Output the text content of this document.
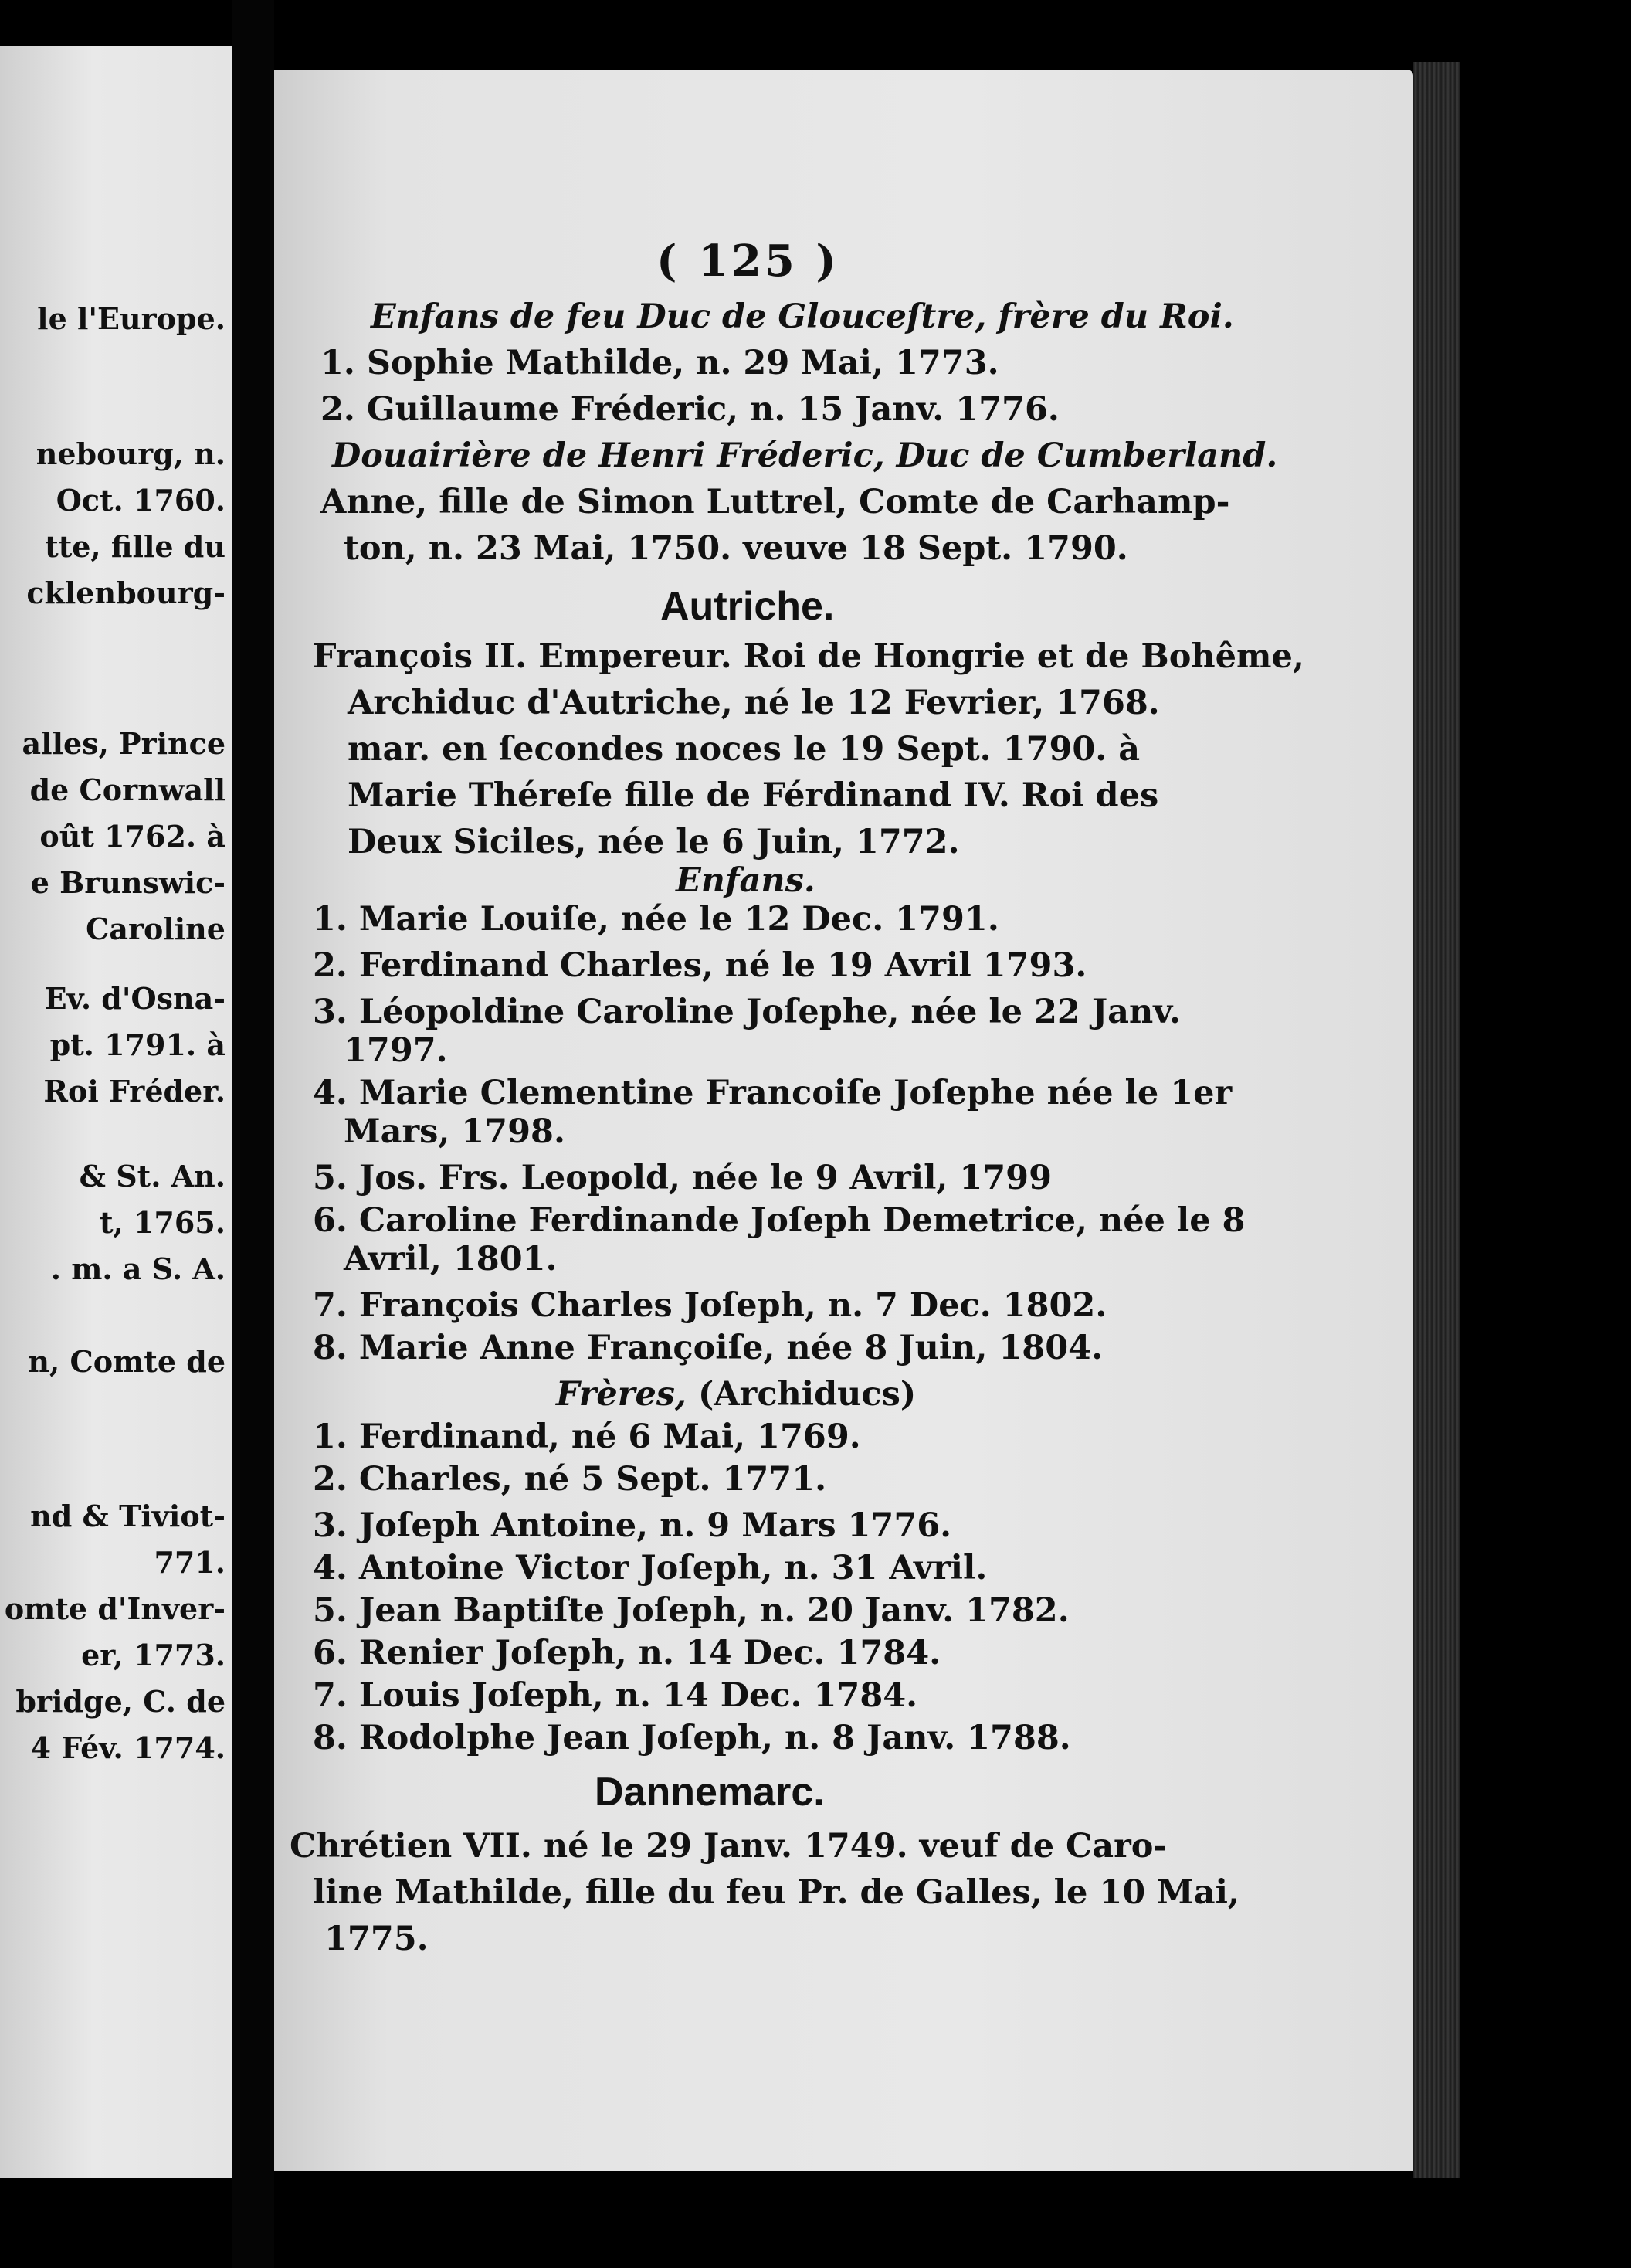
le l'Europe.
nebourg, n.
Oct. 1760.
tte, fille du
cklenbourg-
alles, Prince
de Cornwall
oût 1762. à
e Brunswic-
Caroline
Ev. d'Osna-
pt. 1791. à
Roi Fréder.
& St. An.
t, 1765.
. m. a S. A.
n, Comte de
nd & Tiviot-
771.
omte d'Inver-
er, 1773.
bridge, C. de
4 Fév. 1774.
( 125 )
Enfans de feu Duc de Glouceſtre, frère du Roi.
1. Sophie Mathilde, n. 29 Mai, 1773.
2. Guillaume Fréderic, n. 15 Janv. 1776.
Douairière de Henri Fréderic, Duc de Cumberland.
Anne, fille de Simon Luttrel, Comte de Carhamp-
ton, n. 23 Mai, 1750. veuve 18 Sept. 1790.
Autriche.
François II. Empereur. Roi de Hongrie et de Bohême,
Archiduc d'Autriche, né le 12 Fevrier, 1768.
mar. en ſecondes noces le 19 Sept. 1790. à
Marie Théreſe fille de Férdinand IV. Roi des
Deux Siciles, née le 6 Juin, 1772.
Enfans.
1. Marie Louiſe, née le 12 Dec. 1791.
2. Ferdinand Charles, né le 19 Avril 1793.
3. Léopoldine Caroline Joſephe, née le 22 Janv.
1797.
4. Marie Clementine Francoiſe Joſephe née le 1er
Mars, 1798.
5. Jos. Frs. Leopold, née le 9 Avril, 1799
6. Caroline Ferdinande Joſeph Demetrice, née le 8
Avril, 1801.
7. François Charles Joſeph, n. 7 Dec. 1802.
8. Marie Anne Françoiſe, née 8 Juin, 1804.
Frères, (Archiducs)
1. Ferdinand, né 6 Mai, 1769.
2. Charles, né 5 Sept. 1771.
3. Joſeph Antoine, n. 9 Mars 1776.
4. Antoine Victor Joſeph, n. 31 Avril.
5. Jean Baptiſte Joſeph, n. 20 Janv. 1782.
6. Renier Joſeph, n. 14 Dec. 1784.
7. Louis Joſeph, n. 14 Dec. 1784.
8. Rodolphe Jean Joſeph, n. 8 Janv. 1788.
Dannemarc.
Chrétien VII. né le 29 Janv. 1749. veuf de Caro-
line Mathilde, fille du feu Pr. de Galles, le 10 Mai,
1775.
